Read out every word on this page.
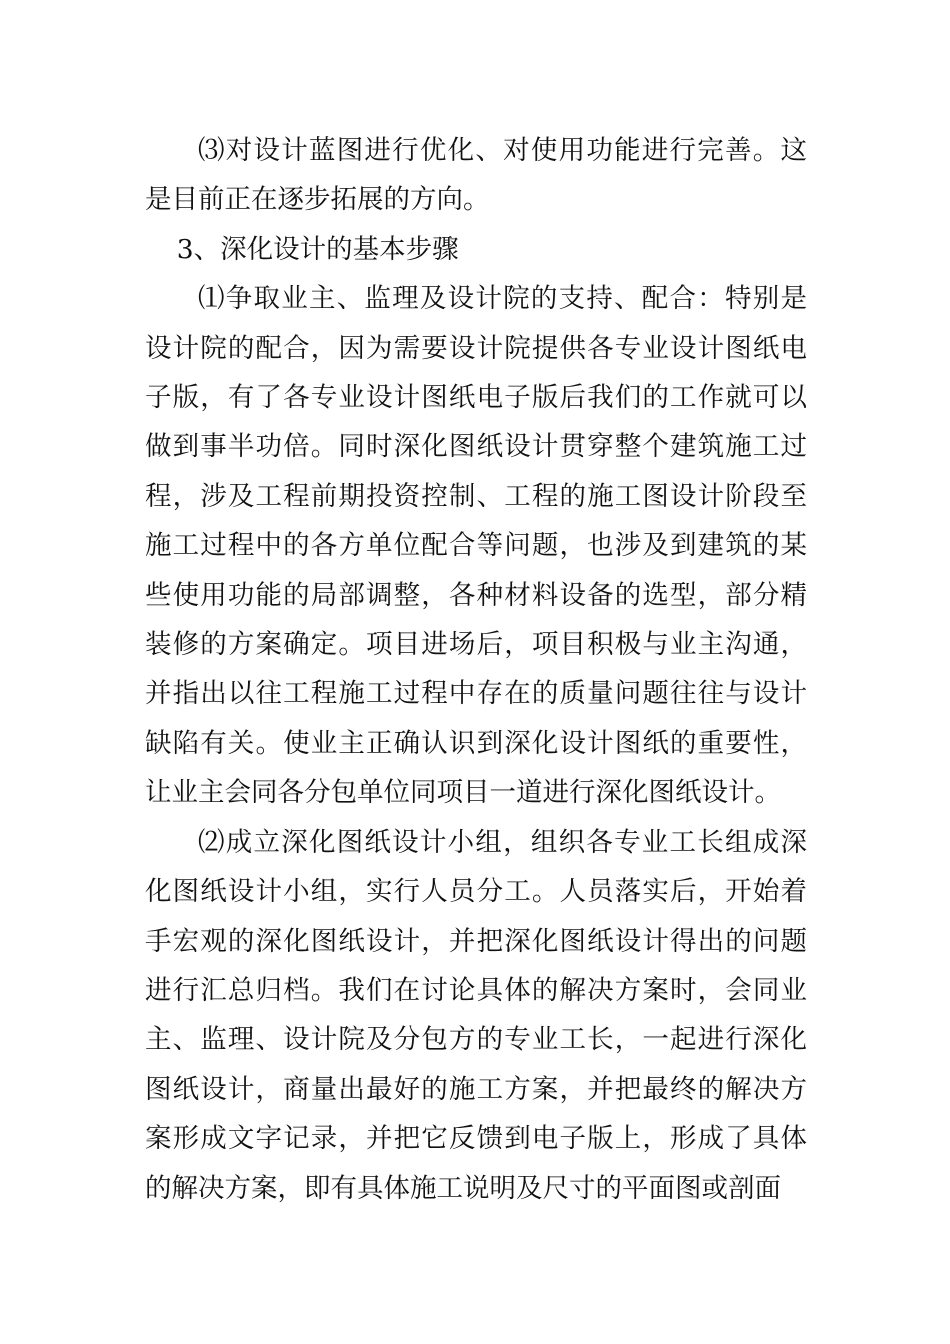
⑶对设计蓝图进行优化、对使用功能进行完善。这是目前正在逐步拓展的方向。

3、深化设计的基本步骤

⑴争取业主、监理及设计院的支持、配合：特别是设计院的配合，因为需要设计院提供各专业设计图纸电子版，有了各专业设计图纸电子版后我们的工作就可以做到事半功倍。同时深化图纸设计贯穿整个建筑施工过程，涉及工程前期投资控制、工程的施工图设计阶段至施工过程中的各方单位配合等问题，也涉及到建筑的某些使用功能的局部调整，各种材料设备的选型，部分精装修的方案确定。项目进场后，项目积极与业主沟通，并指出以往工程施工过程中存在的质量问题往往与设计缺陷有关。使业主正确认识到深化设计图纸的重要性，让业主会同各分包单位同项目一道进行深化图纸设计。

⑵成立深化图纸设计小组，组织各专业工长组成深化图纸设计小组，实行人员分工。人员落实后，开始着手宏观的深化图纸设计，并把深化图纸设计得出的问题进行汇总归档。我们在讨论具体的解决方案时，会同业主、监理、设计院及分包方的专业工长，一起进行深化图纸设计，商量出最好的施工方案，并把最终的解决方案形成文字记录，并把它反馈到电子版上，形成了具体的解决方案，即有具体施工说明及尺寸的平面图或剖面
